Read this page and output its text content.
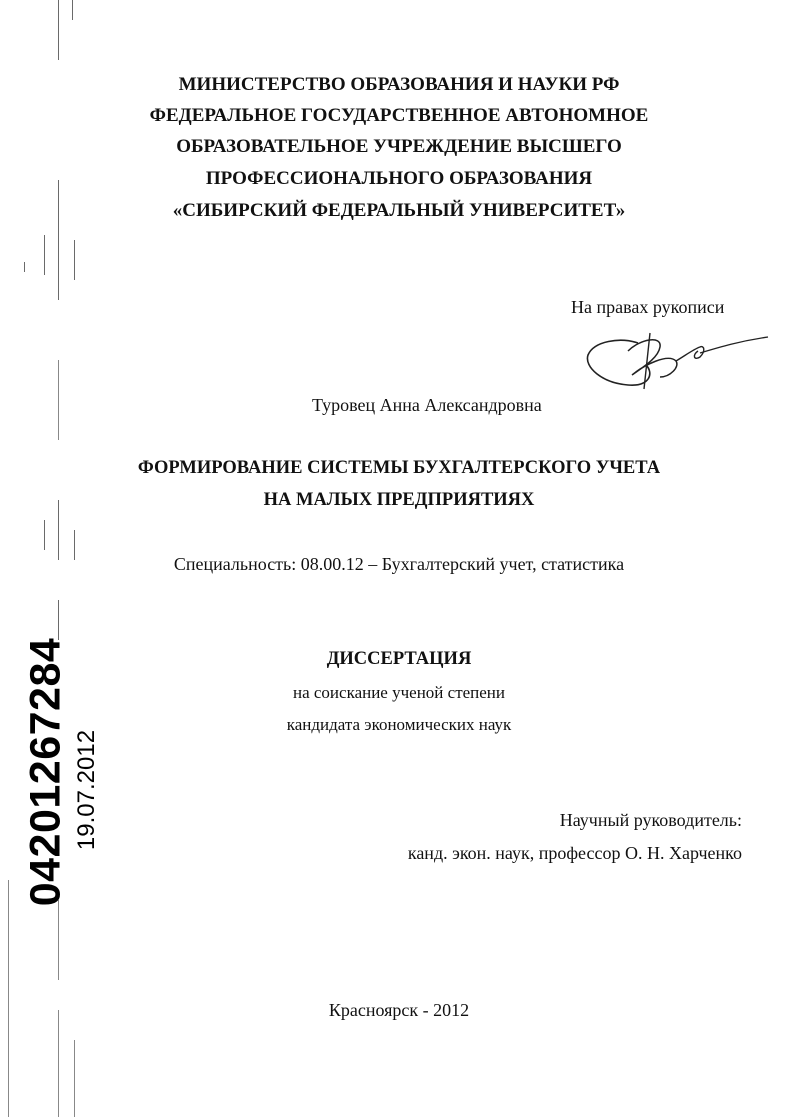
04201267284 19.07.2012
МИНИСТЕРСТВО ОБРАЗОВАНИЯ И НАУКИ РФ
ФЕДЕРАЛЬНОЕ ГОСУДАРСТВЕННОЕ АВТОНОМНОЕ
ОБРАЗОВАТЕЛЬНОЕ УЧРЕЖДЕНИЕ ВЫСШЕГО
ПРОФЕССИОНАЛЬНОГО ОБРАЗОВАНИЯ
«СИБИРСКИЙ ФЕДЕРАЛЬНЫЙ УНИВЕРСИТЕТ»
На правах рукописи
Туровец Анна Александровна
ФОРМИРОВАНИЕ СИСТЕМЫ БУХГАЛТЕРСКОГО УЧЕТА
НА МАЛЫХ ПРЕДПРИЯТИЯХ
Специальность: 08.00.12 – Бухгалтерский учет, статистика
ДИССЕРТАЦИЯ
на соискание ученой степени
кандидата экономических наук
Научный руководитель:
канд. экон. наук, профессор О. Н. Харченко
Красноярск - 2012
